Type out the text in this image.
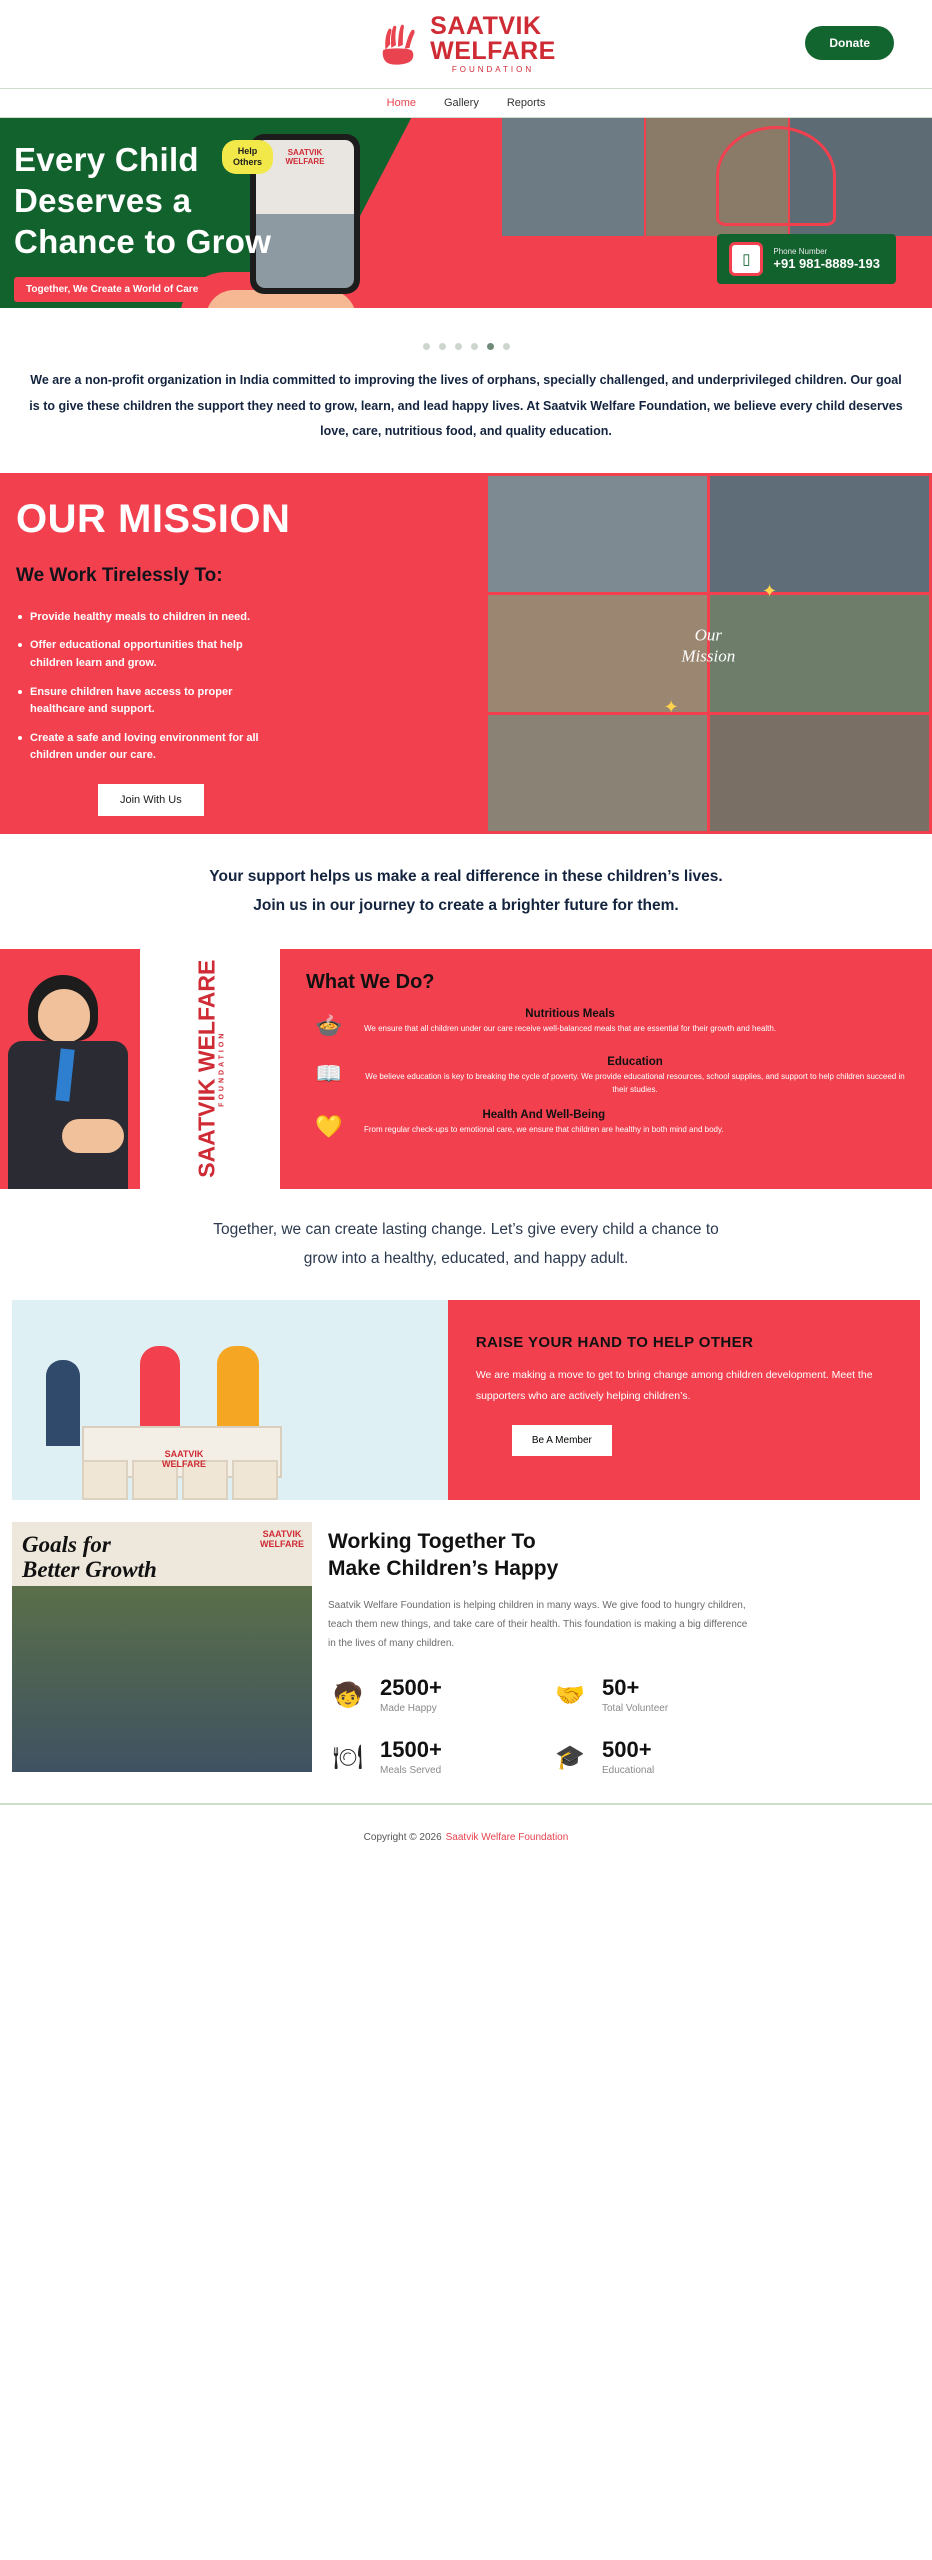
SAATVIK
WELFARE
FOUNDATION
Donate
Home	Gallery	Reports
Every Child
Deserves a
Chance to Grow
Together, We Create a World of Care
SAATVIK
WELFARE
Help
Others
▯	Phone Number
+91 981-8889-193

We are a non-profit organization in India committed to improving the lives of orphans, specially challenged, and underprivileged children. Our goal is to give these children the support they need to grow, learn, and lead happy lives. At Saatvik Welfare Foundation, we believe every child deserves love, care, nutritious food, and quality education.

OUR MISSION
We Work Tirelessly To:
Provide healthy meals to children in need.
Offer educational opportunities that help children learn and grow.
Ensure children have access to proper healthcare and support.
Create a safe and loving environment for all children under our care.
Join With Us
✦
✦
Our
Mission

Your support helps us make a real difference in these children’s lives.

Join us in our journey to create a brighter future for them.

SAATVIK WELFARE FOUNDATION
What We Do?
🍲	Nutritious Meals
We ensure that all children under our care receive well-balanced meals that are essential for their growth and health.
📖	Education
We believe education is key to breaking the cycle of poverty. We provide educational resources, school supplies, and support to help children succeed in their studies.
💛	Health And Well-Being
From regular check-ups to emotional care, we ensure that children are healthy in both mind and body.

Together, we can create lasting change. Let’s give every child a chance to

grow into a healthy, educated, and happy adult.

SAATVIK
WELFARE
RAISE YOUR HAND TO HELP OTHER
We are making a move to get to bring change among children development. Meet the supporters who are actively helping children’s.
Be A Member
Goals for
Better Growth
SAATVIK
WELFARE Working Together To
Make Children’s Happy
Saatvik Welfare Foundation is helping children in many ways. We give food to hungry children, teach them new things, and take care of their health. This foundation is making a big difference in the lives of many children.
🧒 2500+
Made Happy	🤝 50+
Total Volunteer
🍽 1500+
Meals Served	🎓 500+
Educational
Copyright © 2026 Saatvik Welfare Foundation
